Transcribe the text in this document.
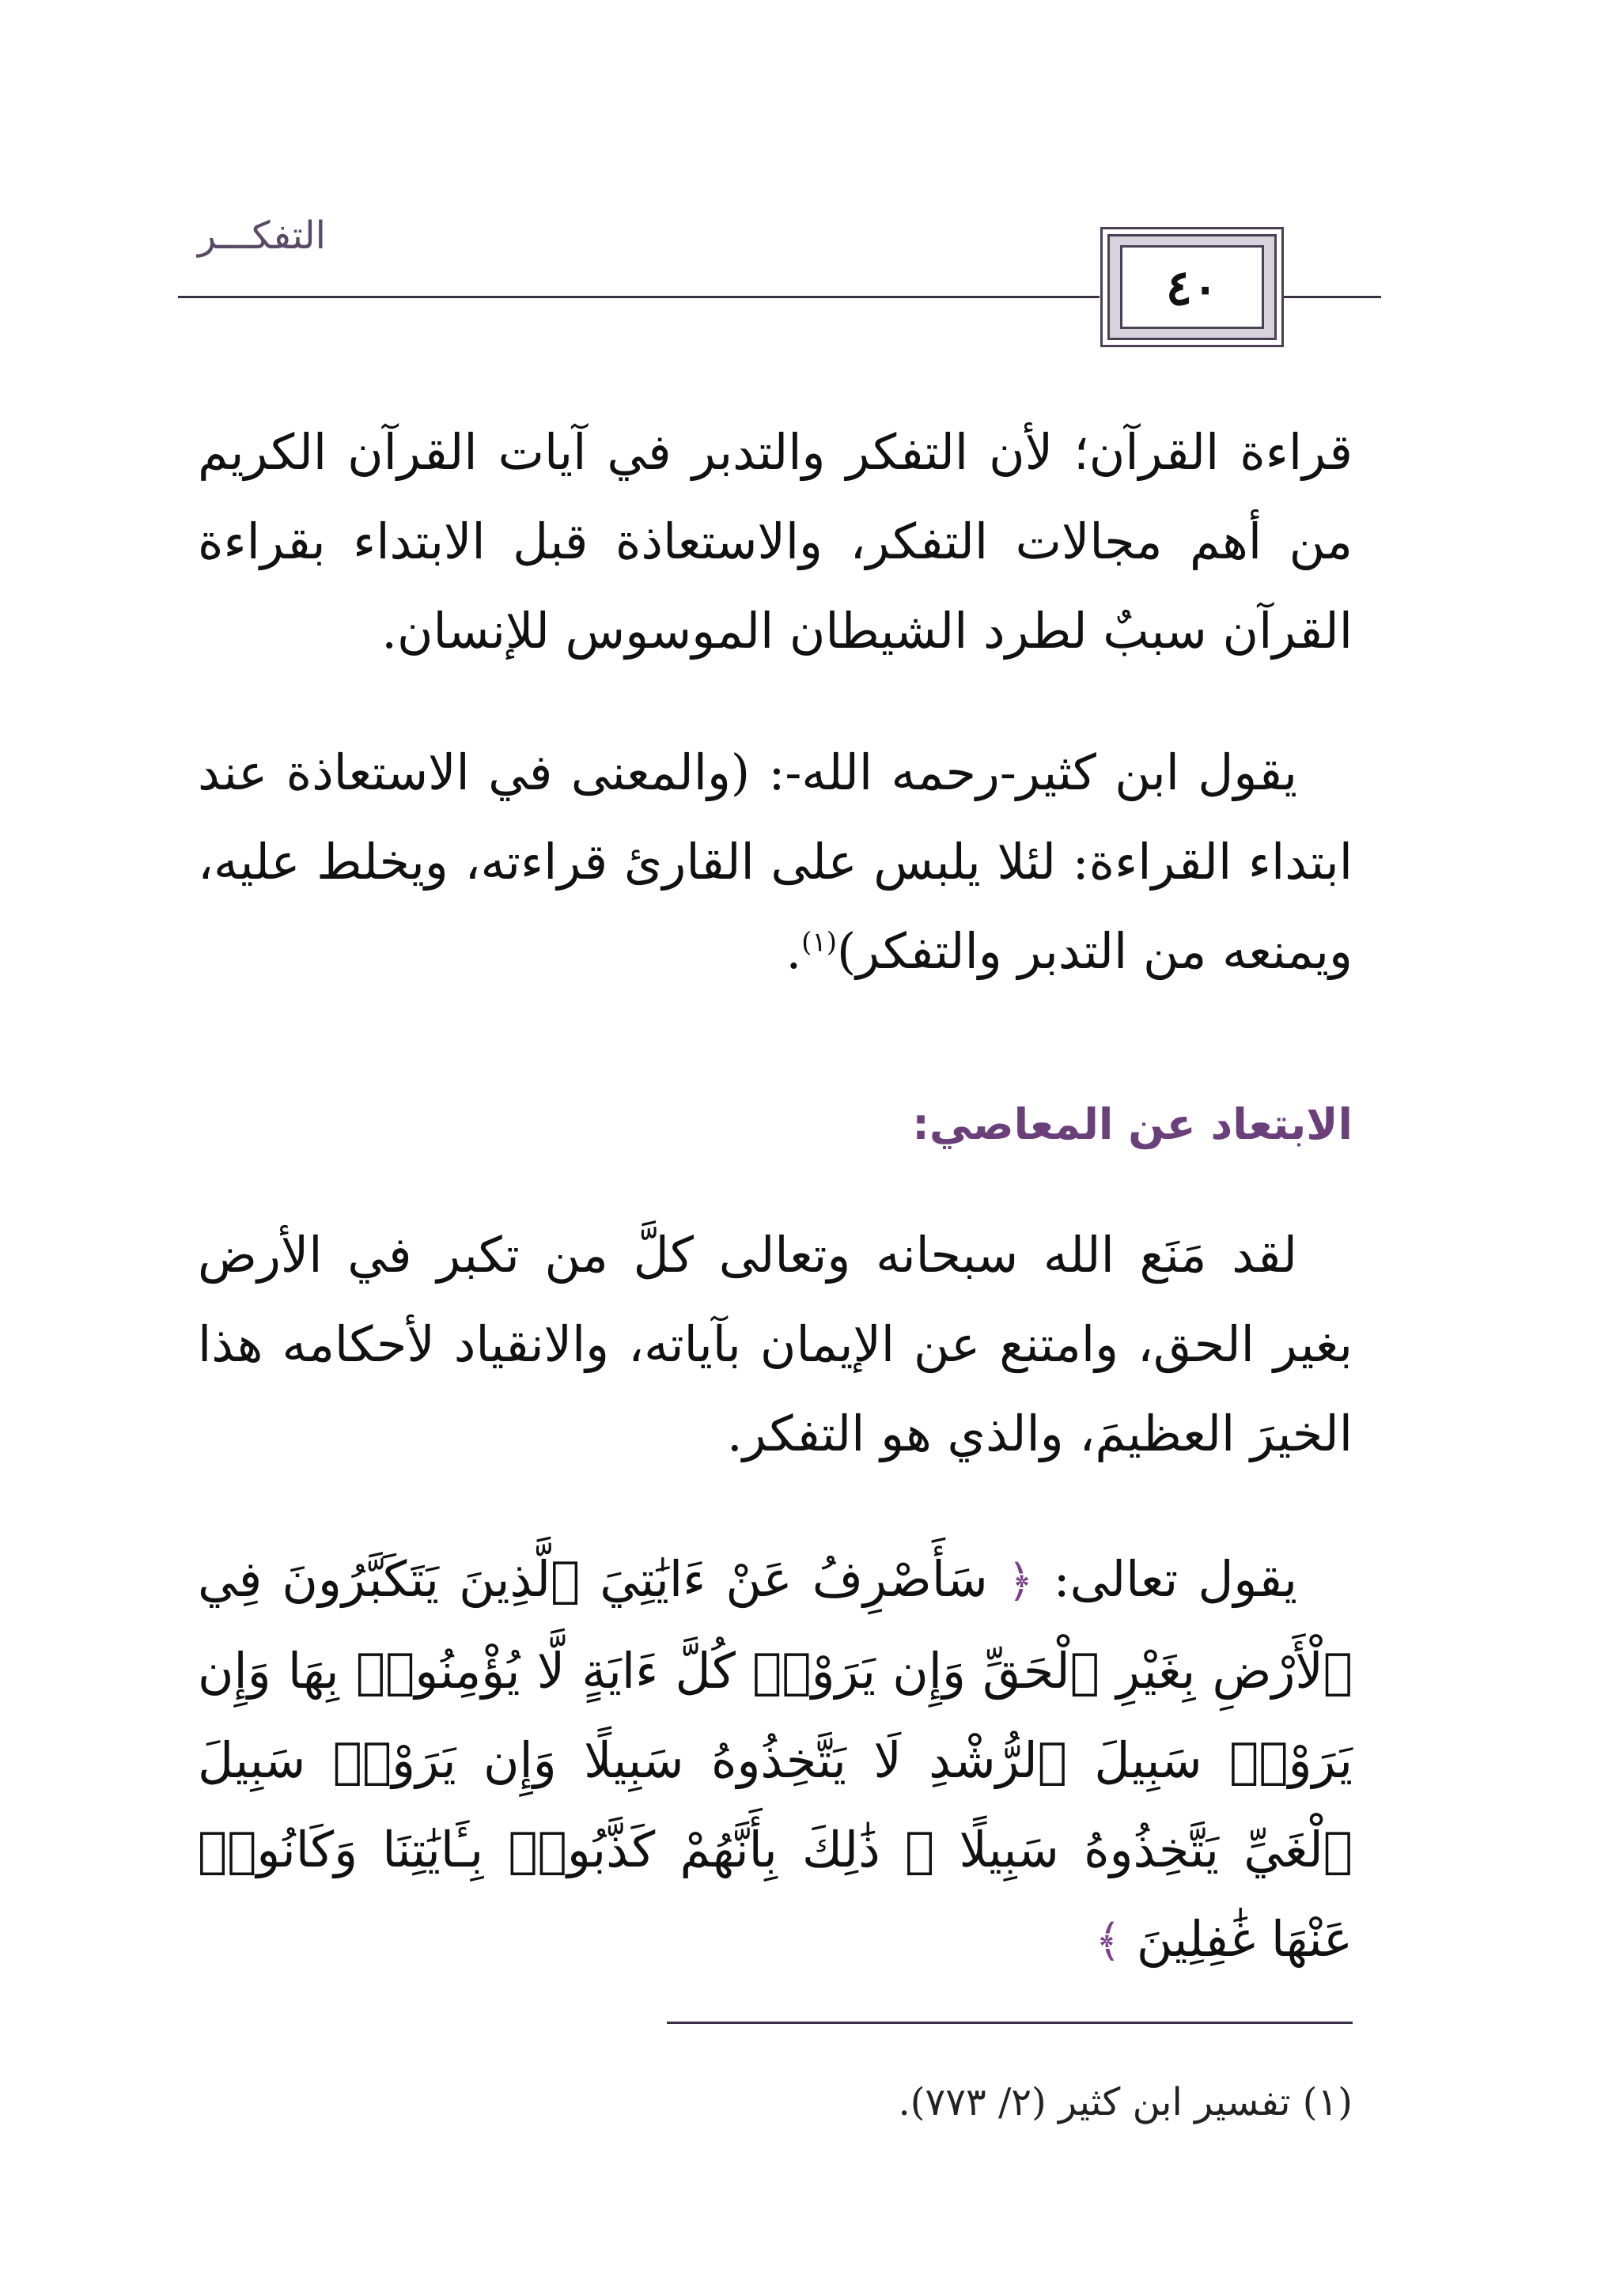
التفكـــر
٤٠

قراءة القرآن؛ لأن التفكر والتدبر في آيات القرآن الكريم من أهم مجالات التفكر، والاستعاذة قبل الابتداء بقراءة القرآن سببٌ لطرد الشيطان الموسوس للإنسان.

يقول ابن كثير-رحمه الله-: (والمعنى في الاستعاذة عند ابتداء القراءة: لئلا يلبس على القارئ قراءته، ويخلط عليه، ويمنعه من التدبر والتفكر)$^{(١)}$.

الابتعاد عن المعاصي:

لقد مَنَع الله سبحانه وتعالى كلَّ من تكبر في الأرض بغير الحق، وامتنع عن الإيمان بآياته، والانقياد لأحكامه هذا الخيرَ العظيمَ، والذي هو التفكر.

يقول تعالى: ﴿ سَأَصْرِفُ عَنْ ءَايَٰتِيَ ٱلَّذِينَ يَتَكَبَّرُونَ فِي ٱلْأَرْضِ بِغَيْرِ ٱلْحَقِّ وَإِن يَرَوْا۟ كُلَّ ءَايَةٍ لَّا يُؤْمِنُوا۟ بِهَا وَإِن يَرَوْا۟ سَبِيلَ ٱلرُّشْدِ لَا يَتَّخِذُوهُ سَبِيلًا وَإِن يَرَوْا۟ سَبِيلَ ٱلْغَيِّ يَتَّخِذُوهُ سَبِيلًا ۚ ذَٰلِكَ بِأَنَّهُمْ كَذَّبُوا۟ بِـَٔايَٰتِنَا وَكَانُوا۟ عَنْهَا غَٰفِلِينَ ﴾

(١) تفسير ابن كثير (٢/ ٧٧٣).
